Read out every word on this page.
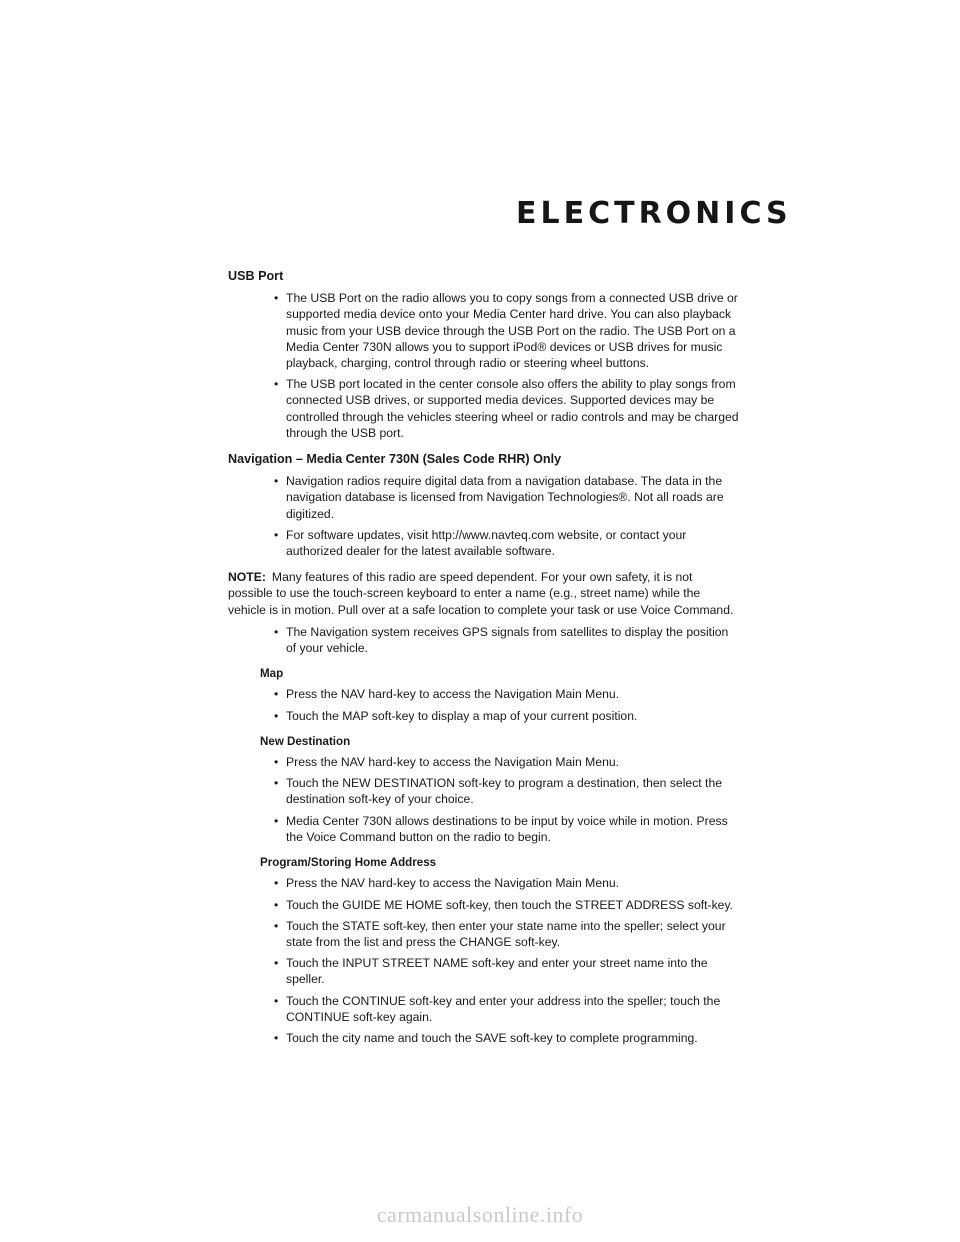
ELECTRONICS
USB Port
• The USB Port on the radio allows you to copy songs from a connected USB drive or supported media device onto your Media Center hard drive. You can also playback music from your USB device through the USB Port on the radio. The USB Port on a Media Center 730N allows you to support iPod® devices or USB drives for music playback, charging, control through radio or steering wheel buttons.
• The USB port located in the center console also offers the ability to play songs from connected USB drives, or supported media devices. Supported devices may be controlled through the vehicles steering wheel or radio controls and may be charged through the USB port.
Navigation – Media Center 730N (Sales Code RHR) Only
• Navigation radios require digital data from a navigation database. The data in the navigation database is licensed from Navigation Technologies®. Not all roads are digitized.
• For software updates, visit http://www.navteq.com website, or contact your authorized dealer for the latest available software.
NOTE: Many features of this radio are speed dependent. For your own safety, it is not possible to use the touch-screen keyboard to enter a name (e.g., street name) while the vehicle is in motion. Pull over at a safe location to complete your task or use Voice Command.
• The Navigation system receives GPS signals from satellites to display the position of your vehicle.
Map
• Press the NAV hard-key to access the Navigation Main Menu.
• Touch the MAP soft-key to display a map of your current position.
New Destination
• Press the NAV hard-key to access the Navigation Main Menu.
• Touch the NEW DESTINATION soft-key to program a destination, then select the destination soft-key of your choice.
• Media Center 730N allows destinations to be input by voice while in motion. Press the Voice Command button on the radio to begin.
Program/Storing Home Address
• Press the NAV hard-key to access the Navigation Main Menu.
• Touch the GUIDE ME HOME soft-key, then touch the STREET ADDRESS soft-key.
• Touch the STATE soft-key, then enter your state name into the speller; select your state from the list and press the CHANGE soft-key.
• Touch the INPUT STREET NAME soft-key and enter your street name into the speller.
• Touch the CONTINUE soft-key and enter your address into the speller; touch the CONTINUE soft-key again.
• Touch the city name and touch the SAVE soft-key to complete programming.
carmanualsonline.info
